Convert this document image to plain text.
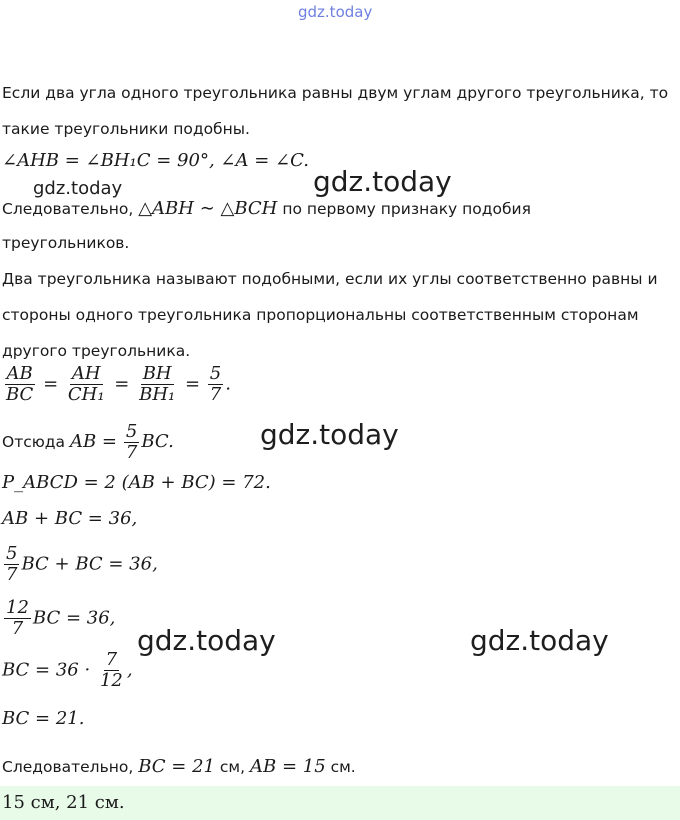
gdz.today
gdz.today	gdz.today
gdz.today
gdz.today	gdz.today
Если два угла одного треугольника равны двум углам другого треугольника, то
такие треугольники подобны.
∠AHB = ∠BH₁C = 90°, ∠A = ∠C.
Следовательно, △ABH ∼ △BCH по первому признаку подобия
треугольников.
Два треугольника называют подобными, если их углы соответственно равны и
стороны одного треугольника пропорциональны соответственным сторонам
другого треугольника.
$\frac{AB}{BC} = \frac{AH}{\text{CH₁}} = \frac{BH}{\text{BH₁}} = \frac{5}{7}$ .
Отсюда AB = $\frac{5}{7}$ BC.
P_ABCD = 2 (AB + BC) = 72.
AB + BC = 36,
$\frac{5}{7}$ BC + BC = 36,
$\frac{12}{7}$ BC = 36,
BC = $36 \cdot \frac{7}{12}$ ,
BC = 21.
Следовательно, BC = 21 см, AB = 15 см.
15 см, 21 см.
